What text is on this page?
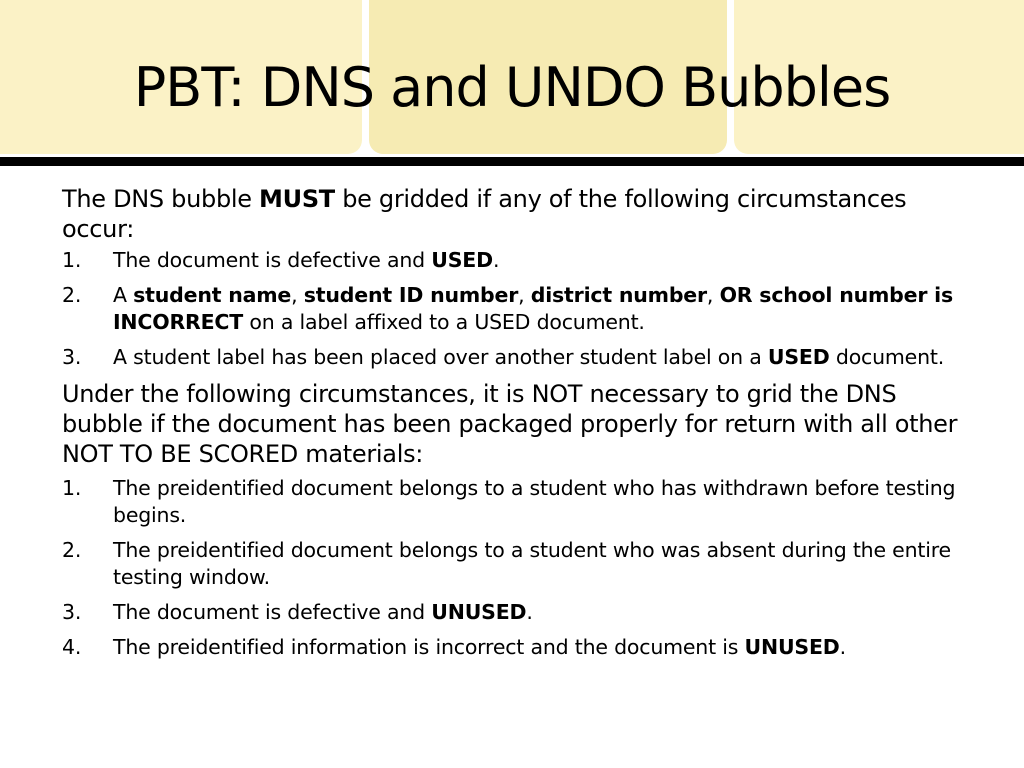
PBT: DNS and UNDO Bubbles

The DNS bubble MUST be gridded if any of the following circumstances occur:

1. The document is defective and USED.
2. A student name, student ID number, district number, OR school number is INCORRECT on a label affixed to a USED document.
3. A student label has been placed over another student label on a USED document.

Under the following circumstances, it is NOT necessary to grid the DNS bubble if the document has been packaged properly for return with all other NOT TO BE SCORED materials:

1. The preidentified document belongs to a student who has withdrawn before testing begins.
2. The preidentified document belongs to a student who was absent during the entire testing window.
3. The document is defective and UNUSED.
4. The preidentified information is incorrect and the document is UNUSED.
